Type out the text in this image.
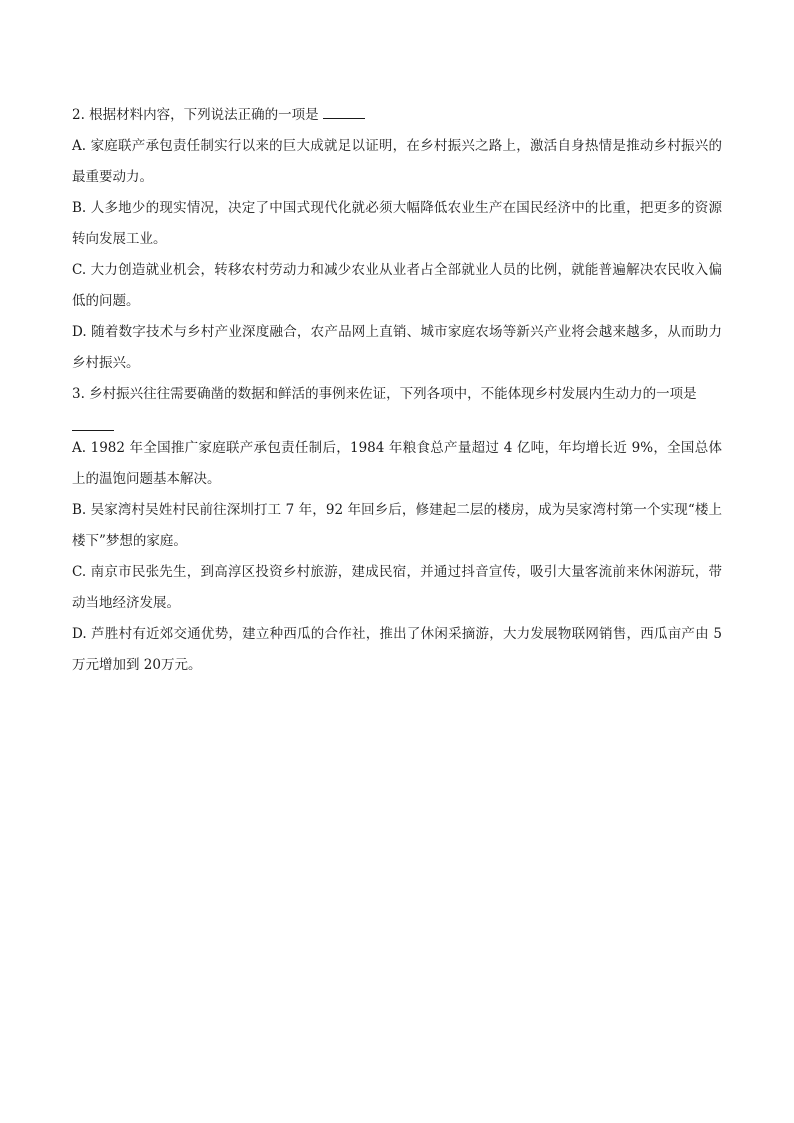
2. 根据材料内容，下列说法正确的一项是

A. 家庭联产承包责任制实行以来的巨大成就足以证明，在乡村振兴之路上，激活自身热情是推动乡村振兴的最重要动力。

B. 人多地少的现实情况，决定了中国式现代化就必须大幅降低农业生产在国民经济中的比重，把更多的资源转向发展工业。

C. 大力创造就业机会，转移农村劳动力和减少农业从业者占全部就业人员的比例，就能普遍解决农民收入偏低的问题。

D. 随着数字技术与乡村产业深度融合，农产品网上直销、城市家庭农场等新兴产业将会越来越多，从而助力乡村振兴。

3. 乡村振兴往往需要确凿的数据和鲜活的事例来佐证，下列各项中，不能体现乡村发展内生动力的一项是

A. 1982 年全国推广家庭联产承包责任制后，1984 年粮食总产量超过 4 亿吨，年均增长近 9%，全国总体上的温饱问题基本解决。

B. 吴家湾村吴姓村民前往深圳打工 7 年，92 年回乡后，修建起二层的楼房，成为吴家湾村第一个实现“楼上楼下”梦想的家庭。

C. 南京市民张先生，到高淳区投资乡村旅游，建成民宿，并通过抖音宣传，吸引大量客流前来休闲游玩，带动当地经济发展。

D. 芦胜村有近郊交通优势，建立种西瓜的合作社，推出了休闲采摘游，大力发展物联网销售，西瓜亩产由 5 万元增加到 20万元。
